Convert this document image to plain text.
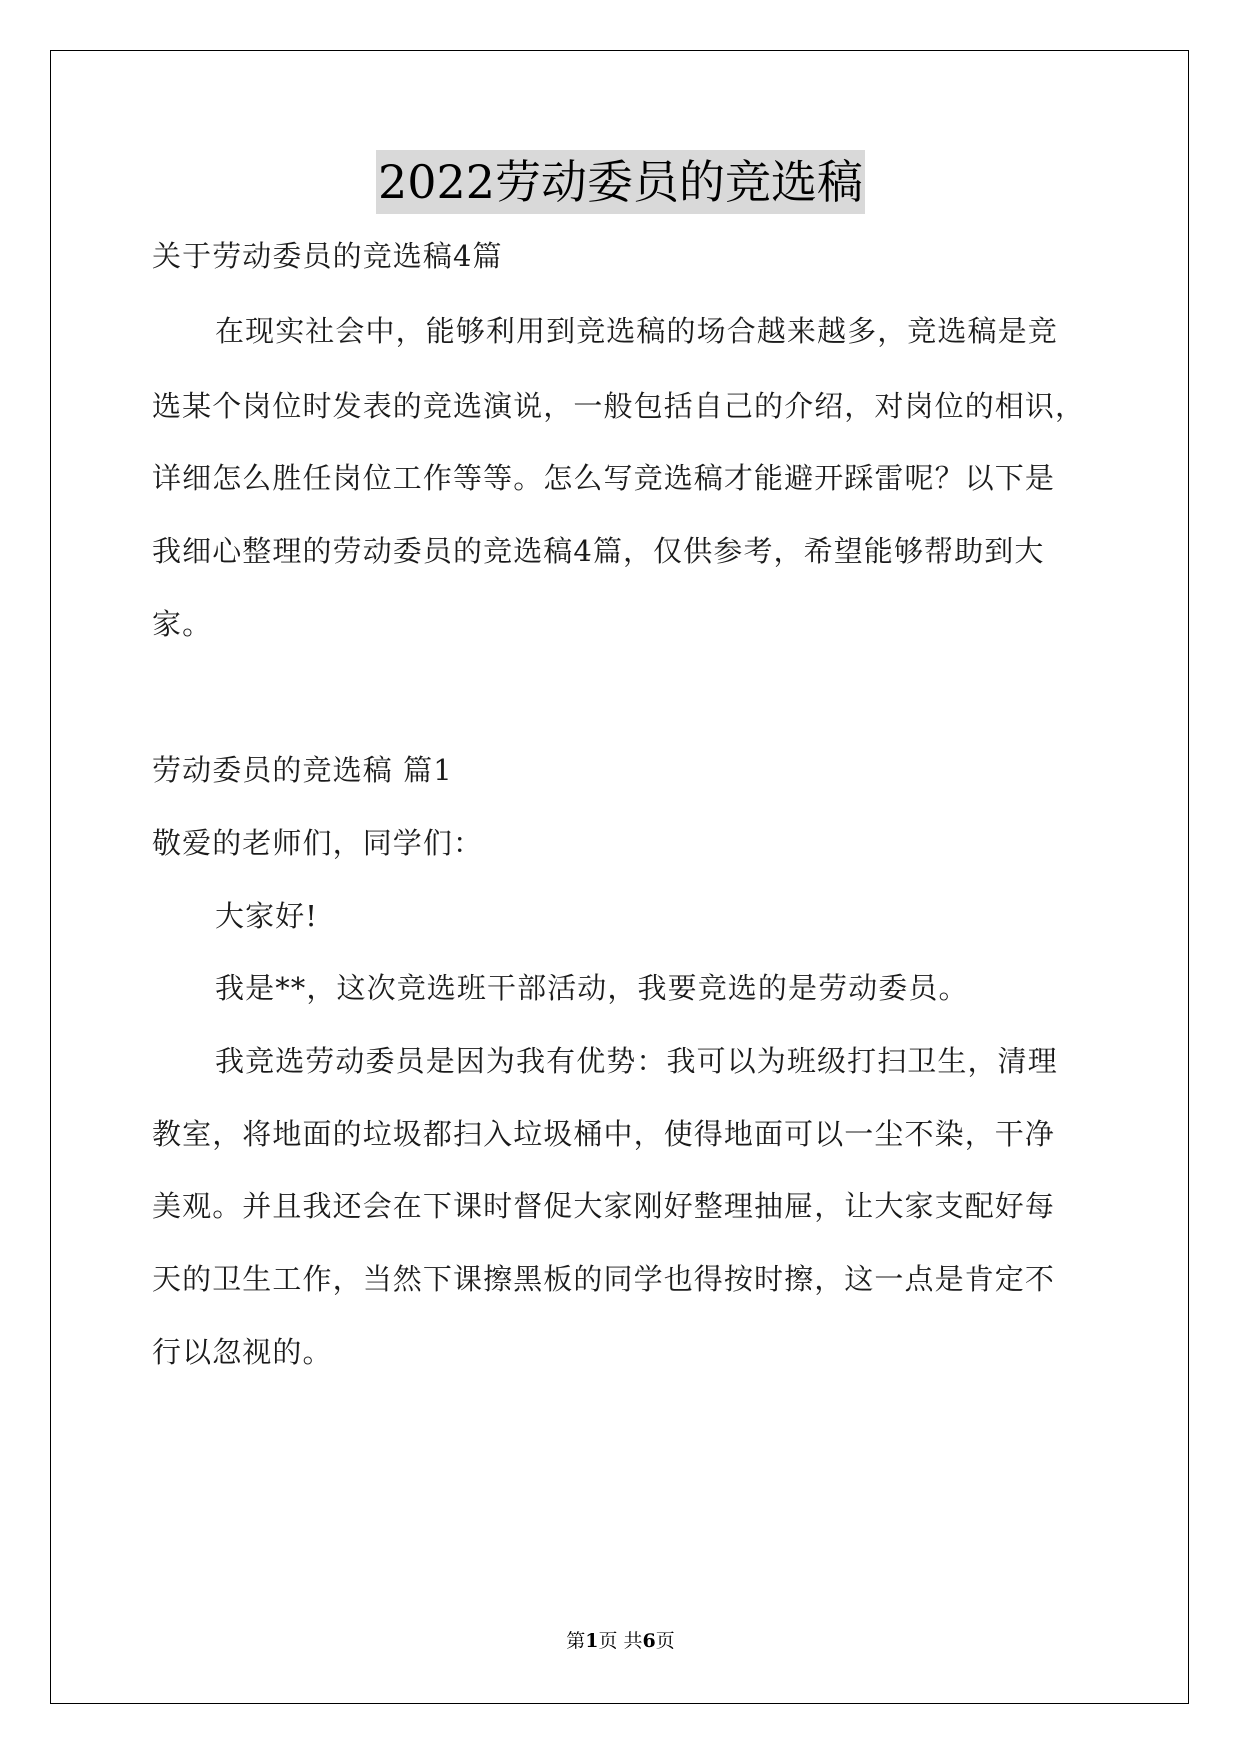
2022劳动委员的竞选稿
关于劳动委员的竞选稿4篇
在现实社会中，能够利用到竞选稿的场合越来越多，竞选稿是竞
选某个岗位时发表的竞选演说，一般包括自己的介绍，对岗位的相识，
详细怎么胜任岗位工作等等。怎么写竞选稿才能避开踩雷呢？以下是
我细心整理的劳动委员的竞选稿4篇，仅供参考，希望能够帮助到大
家。
劳动委员的竞选稿 篇1
敬爱的老师们，同学们：
大家好!
我是**，这次竞选班干部活动，我要竞选的是劳动委员。
我竞选劳动委员是因为我有优势：我可以为班级打扫卫生，清理
教室，将地面的垃圾都扫入垃圾桶中，使得地面可以一尘不染，干净
美观。并且我还会在下课时督促大家刚好整理抽屉，让大家支配好每
天的卫生工作，当然下课擦黑板的同学也得按时擦，这一点是肯定不
行以忽视的。
第1页 共6页
